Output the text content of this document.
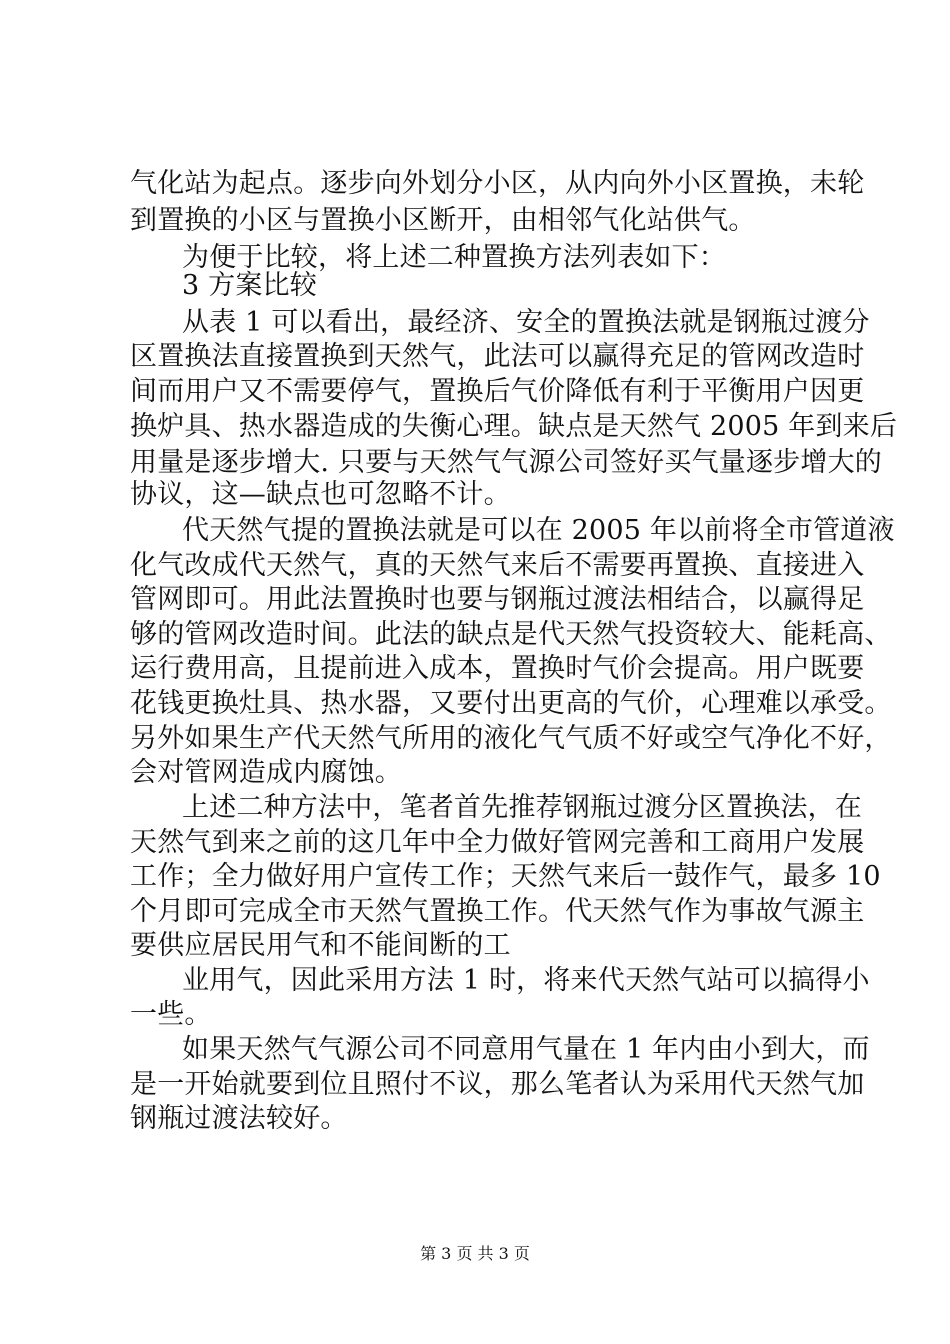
气化站为起点。逐步向外划分小区，从内向外小区置换，未轮
到置换的小区与置换小区断开，由相邻气化站供气。
为便于比较，将上述二种置换方法列表如下：
3 方案比较
从表 1 可以看出，最经济、安全的置换法就是钢瓶过渡分
区置换法直接置换到天然气，此法可以赢得充足的管网改造时
间而用户又不需要停气，置换后气价降低有利于平衡用户因更
换炉具、热水器造成的失衡心理。缺点是天然气 2005 年到来后
用量是逐步增大. 只要与天然气气源公司签好买气量逐步增大的
协议，这—缺点也可忽略不计。
代天然气提的置换法就是可以在 2005 年以前将全市管道液
化气改成代天然气，真的天然气来后不需要再置换、直接进入
管网即可。用此法置换时也要与钢瓶过渡法相结合，以赢得足
够的管网改造时间。此法的缺点是代天然气投资较大、能耗高、
运行费用高，且提前进入成本，置换时气价会提高。用户既要
花钱更换灶具、热水器，又要付出更高的气价，心理难以承受。
另外如果生产代天然气所用的液化气气质不好或空气净化不好，
会对管网造成内腐蚀。
上述二种方法中，笔者首先推荐钢瓶过渡分区置换法，在
天然气到来之前的这几年中全力做好管网完善和工商用户发展
工作；全力做好用户宣传工作；天然气来后一鼓作气，最多 10
个月即可完成全市天然气置换工作。代天然气作为事故气源主
要供应居民用气和不能间断的工
业用气，因此采用方法 1 时，将来代天然气站可以搞得小
一些。
如果天然气气源公司不同意用气量在 1 年内由小到大，而
是一开始就要到位且照付不议，那么笔者认为采用代天然气加
钢瓶过渡法较好。
第 3 页 共 3 页
